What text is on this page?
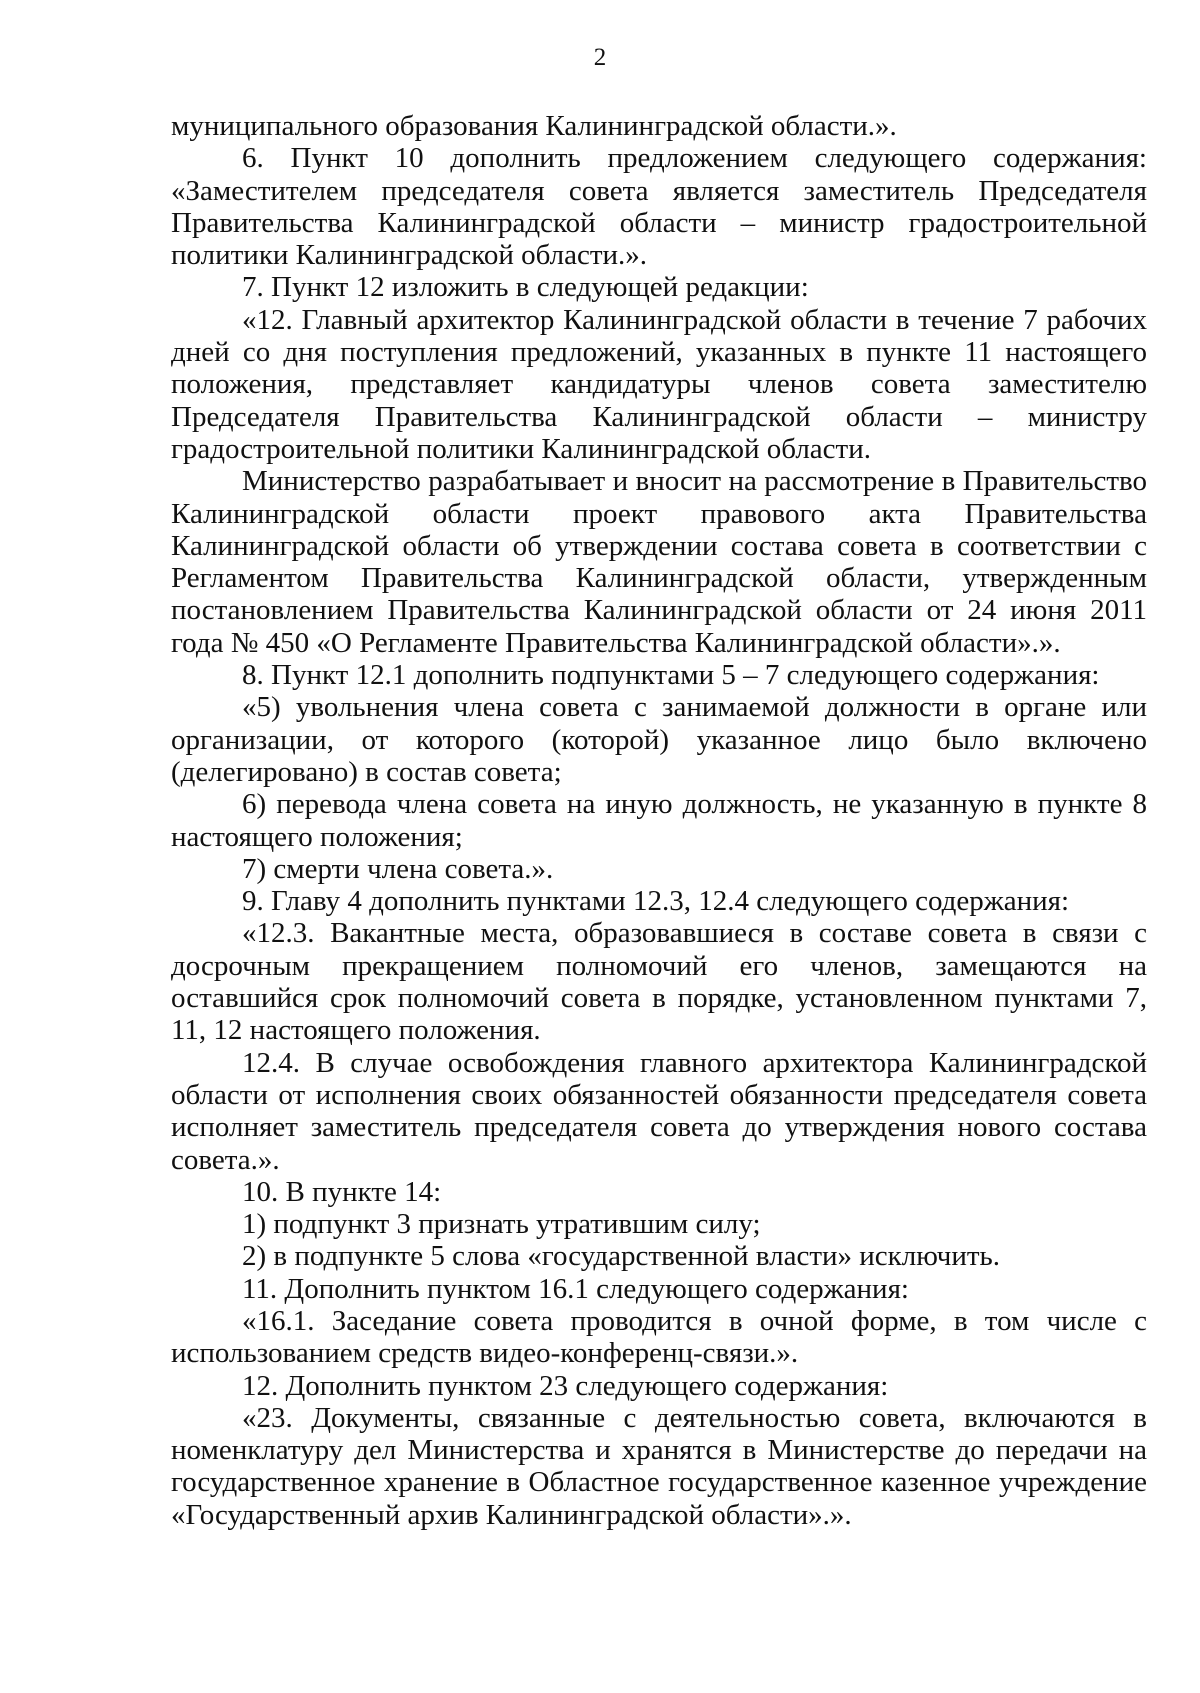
2

муниципального образования Калининградской области.».

6. Пункт 10 дополнить предложением следующего содержания: «Заместителем председателя совета является заместитель Председателя Правительства Калининградской области – министр градостроительной политики Калининградской области.».

7. Пункт 12 изложить в следующей редакции:

«12. Главный архитектор Калининградской области в течение 7 рабочих дней со дня поступления предложений, указанных в пункте 11 настоящего положения, представляет кандидатуры членов совета заместителю Председателя Правительства Калининградской области – министру градостроительной политики Калининградской области.

Министерство разрабатывает и вносит на рассмотрение в Правительство Калининградской области проект правового акта Правительства Калининградской области об утверждении состава совета в соответствии с Регламентом Правительства Калининградской области, утвержденным постановлением Правительства Калининградской области от 24 июня 2011 года № 450 «О Регламенте Правительства Калининградской области».».

8. Пункт 12.1 дополнить подпунктами 5 – 7 следующего содержания:

«5) увольнения члена совета с занимаемой должности в органе или организации, от которого (которой) указанное лицо было включено (делегировано) в состав совета;

6) перевода члена совета на иную должность, не указанную в пункте 8 настоящего положения;

7) смерти члена совета.».

9. Главу 4 дополнить пунктами 12.3, 12.4 следующего содержания:

«12.3. Вакантные места, образовавшиеся в составе совета в связи с досрочным прекращением полномочий его членов, замещаются на оставшийся срок полномочий совета в порядке, установленном пунктами 7, 11, 12 настоящего положения.

12.4. В случае освобождения главного архитектора Калининградской области от исполнения своих обязанностей обязанности председателя совета исполняет заместитель председателя совета до утверждения нового состава совета.».

10. В пункте 14:

1) подпункт 3 признать утратившим силу;

2) в подпункте 5 слова «государственной власти» исключить.

11. Дополнить пунктом 16.1 следующего содержания:

«16.1. Заседание совета проводится в очной форме, в том числе с использованием средств видео-конференц-связи.».

12. Дополнить пунктом 23 следующего содержания:

«23. Документы, связанные с деятельностью совета, включаются в номенклатуру дел Министерства и хранятся в Министерстве до передачи на государственное хранение в Областное государственное казенное учреждение «Государственный архив Калининградской области».».
